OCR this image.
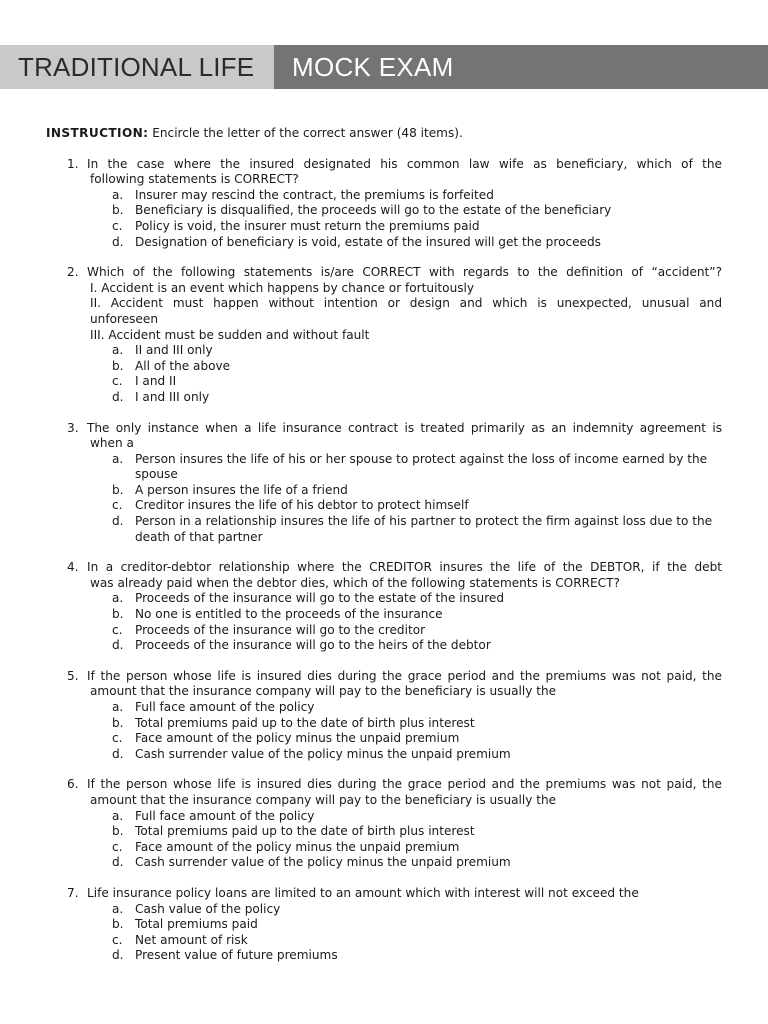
TRADITIONAL LIFE	MOCK EXAM
INSTRUCTION: Encircle the letter of the correct answer (48 items).
1. In the case where the insured designated his common law wife as beneficiary, which of the
following statements is CORRECT?
a. Insurer may rescind the contract, the premiums is forfeited
b. Beneficiary is disqualified, the proceeds will go to the estate of the beneficiary
c.	Policy is void, the insurer must return the premiums paid
d. Designation of beneficiary is void, estate of the insured will get the proceeds
2. Which of the following statements is/are CORRECT with regards to the definition of “accident”?
I. Accident is an event which happens by chance or fortuitously
II. Accident must happen without intention or design and which is unexpected, unusual and
unforeseen
III. Accident must be sudden and without fault
a. II and III only
b. All of the above
c.	I and II
d. I and III only
3. The only instance when a life insurance contract is treated primarily as an indemnity agreement is
when a
a. Person insures the life of his or her spouse to protect against the loss of income earned by the spouse
b. A person insures the life of a friend
c.	Creditor insures the life of his debtor to protect himself
d. Person in a relationship insures the life of his partner to protect the firm against loss due to the death of that partner
4. In a creditor-debtor relationship where the CREDITOR insures the life of the DEBTOR, if the debt
was already paid when the debtor dies, which of the following statements is CORRECT?
a. Proceeds of the insurance will go to the estate of the insured
b. No one is entitled to the proceeds of the insurance
c.	Proceeds of the insurance will go to the creditor
d. Proceeds of the insurance will go to the heirs of the debtor
5. If the person whose life is insured dies during the grace period and the premiums was not paid, the
amount that the insurance company will pay to the beneficiary is usually the
a. Full face amount of the policy
b. Total premiums paid up to the date of birth plus interest
c.	Face amount of the policy minus the unpaid premium
d. Cash surrender value of the policy minus the unpaid premium
6. If the person whose life is insured dies during the grace period and the premiums was not paid, the
amount that the insurance company will pay to the beneficiary is usually the
a. Full face amount of the policy
b. Total premiums paid up to the date of birth plus interest
c.	Face amount of the policy minus the unpaid premium
d. Cash surrender value of the policy minus the unpaid premium
7. Life insurance policy loans are limited to an amount which with interest will not exceed the
a. Cash value of the policy
b. Total premiums paid
c.	Net amount of risk
d. Present value of future premiums
